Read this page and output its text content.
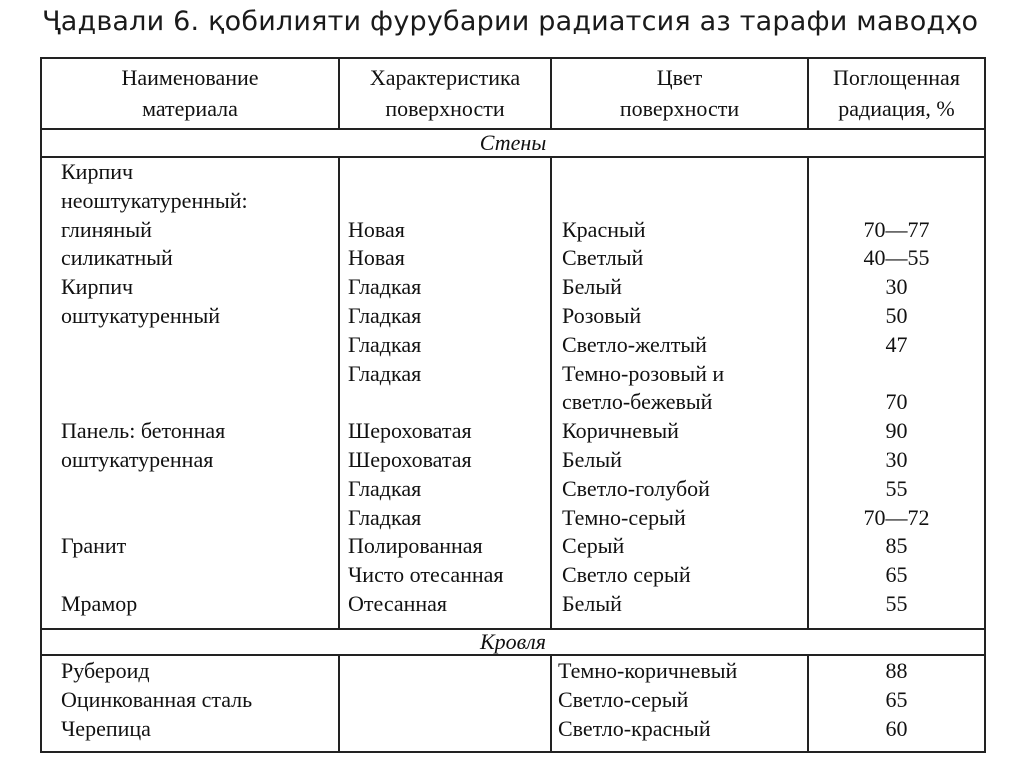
Ҷадвали 6. қобилияти фурубарии радиатсия аз тарафи маводҳо
Наименование
материала
Характеристика
поверхности
Цвет
поверхности
Поглощенная
радиация, %
Стены
Кирпич
неоштукатуренный:
глиняный
силикатный
Кирпич
оштукатуренный

Панель: бетонная
оштукатуренная

Гранит

Мрамор

Новая
Новая
Гладкая
Гладкая
Гладкая
Гладкая

Шероховатая
Шероховатая
Гладкая
Гладкая
Полированная
Чисто отесанная
Отесанная

Красный
Светлый
Белый
Розовый
Светло-желтый
Темно-розовый и
светло-бежевый
Коричневый
Белый
Светло-голубой
Темно-серый
Серый
Светло серый
Белый

70—77
40—55
30
50
47

70
90
30
55
70—72
85
65
55
Кровля
Рубероид
Оцинкованная сталь
Черепица
Темно-коричневый
Светло-серый
Светло-красный
88
65
60
